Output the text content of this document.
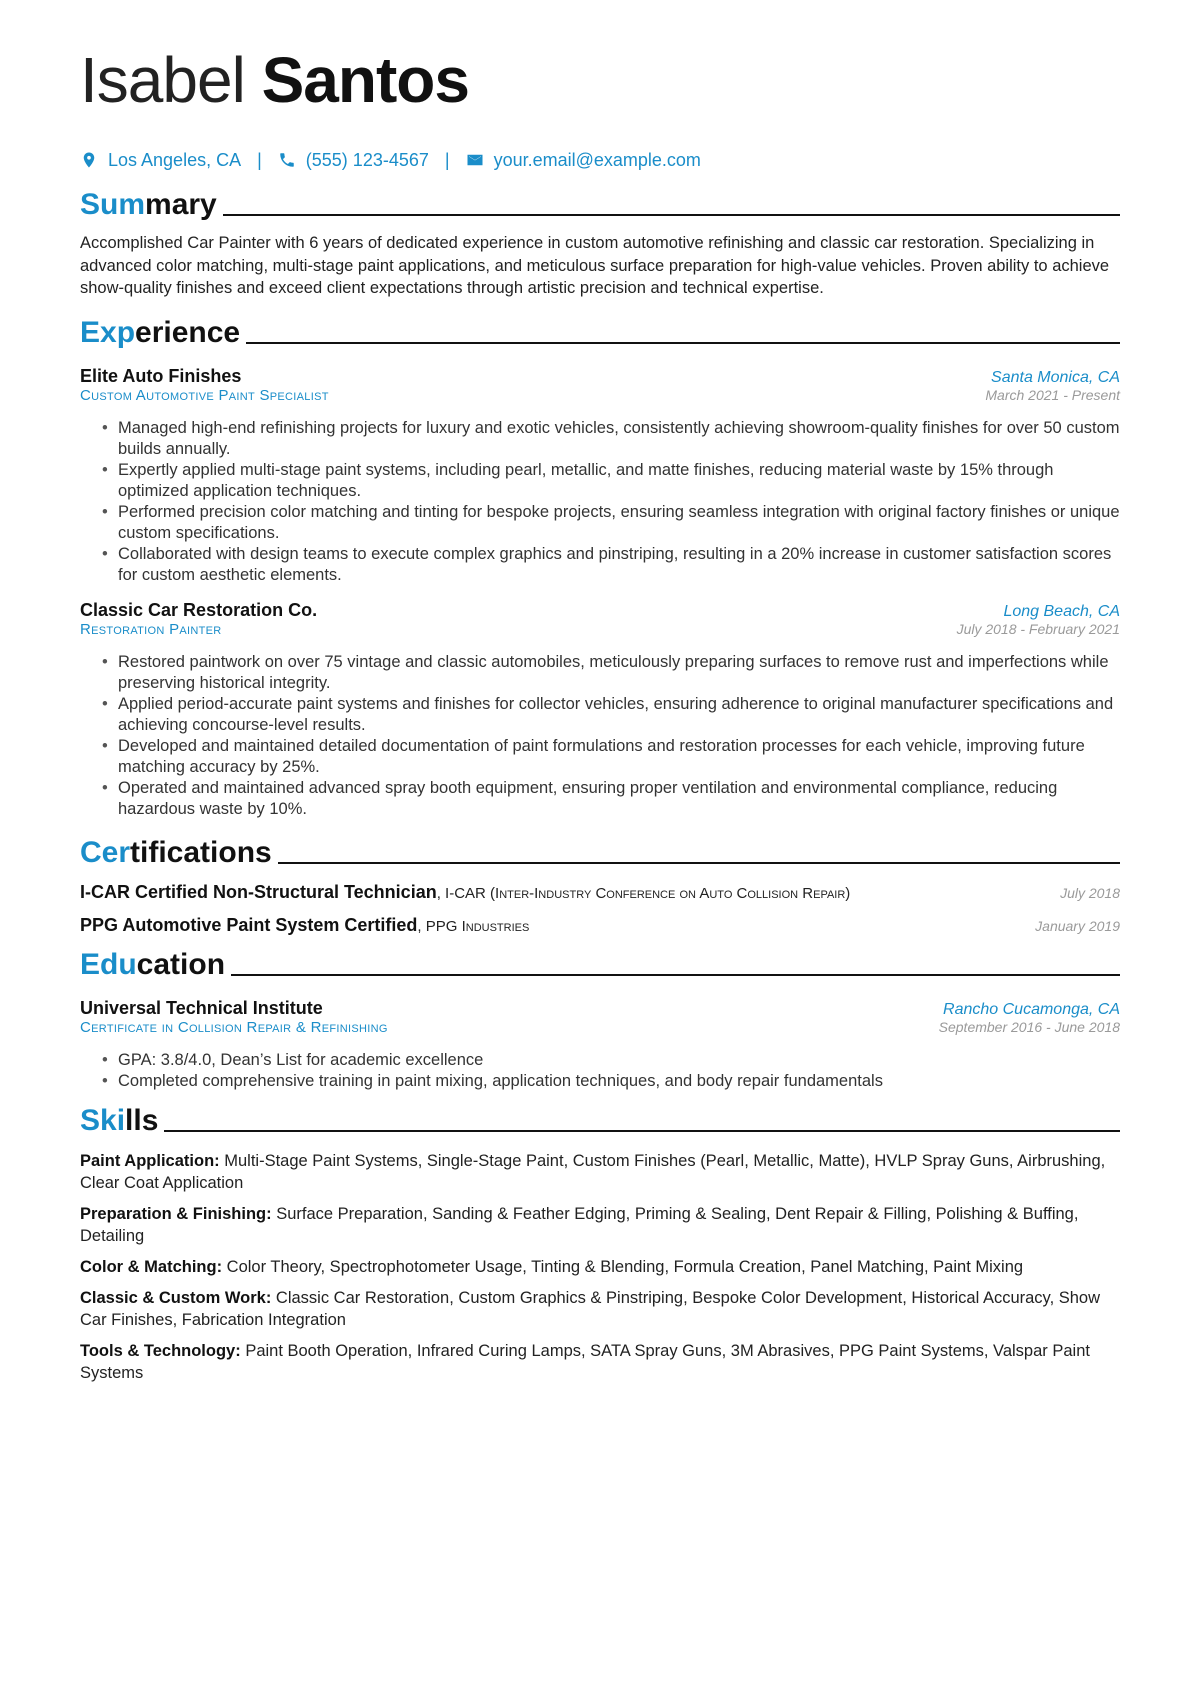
Isabel Santos
Los Angeles, CA | (555) 123-4567 | your.email@example.com
Summary

Accomplished Car Painter with 6 years of dedicated experience in custom automotive refinishing and classic car restoration. Specializing in advanced color matching, multi-stage paint applications, and meticulous surface preparation for high-value vehicles. Proven ability to achieve show-quality finishes and exceed client expectations through artistic precision and technical expertise.

Experience
Elite Auto Finishes	Santa Monica, CA
Custom Automotive Paint Specialist	March 2021 - Present
• Managed high-end refinishing projects for luxury and exotic vehicles, consistently achieving showroom-quality finishes for over 50 custom builds annually.
• Expertly applied multi-stage paint systems, including pearl, metallic, and matte finishes, reducing material waste by 15% through optimized application techniques.
• Performed precision color matching and tinting for bespoke projects, ensuring seamless integration with original factory finishes or unique custom specifications.
• Collaborated with design teams to execute complex graphics and pinstriping, resulting in a 20% increase in customer satisfaction scores for custom aesthetic elements.
Classic Car Restoration Co.	Long Beach, CA
Restoration Painter	July 2018 - February 2021
• Restored paintwork on over 75 vintage and classic automobiles, meticulously preparing surfaces to remove rust and imperfections while preserving historical integrity.
• Applied period-accurate paint systems and finishes for collector vehicles, ensuring adherence to original manufacturer specifications and achieving concourse-level results.
• Developed and maintained detailed documentation of paint formulations and restoration processes for each vehicle, improving future matching accuracy by 25%.
• Operated and maintained advanced spray booth equipment, ensuring proper ventilation and environmental compliance, reducing hazardous waste by 10%.
Certifications
I-CAR Certified Non-Structural Technician, I-CAR (Inter-Industry Conference on Auto Collision Repair)	July 2018
PPG Automotive Paint System Certified, PPG Industries	January 2019
Education
Universal Technical Institute	Rancho Cucamonga, CA
Certificate in Collision Repair & Refinishing	September 2016 - June 2018
• GPA: 3.8/4.0, Dean’s List for academic excellence
• Completed comprehensive training in paint mixing, application techniques, and body repair fundamentals
Skills
Paint Application: Multi-Stage Paint Systems, Single-Stage Paint, Custom Finishes (Pearl, Metallic, Matte), HVLP Spray Guns, Airbrushing, Clear Coat Application
Preparation & Finishing: Surface Preparation, Sanding & Feather Edging, Priming & Sealing, Dent Repair & Filling, Polishing & Buffing, Detailing
Color & Matching: Color Theory, Spectrophotometer Usage, Tinting & Blending, Formula Creation, Panel Matching, Paint Mixing
Classic & Custom Work: Classic Car Restoration, Custom Graphics & Pinstriping, Bespoke Color Development, Historical Accuracy, Show Car Finishes, Fabrication Integration
Tools & Technology: Paint Booth Operation, Infrared Curing Lamps, SATA Spray Guns, 3M Abrasives, PPG Paint Systems, Valspar Paint Systems
